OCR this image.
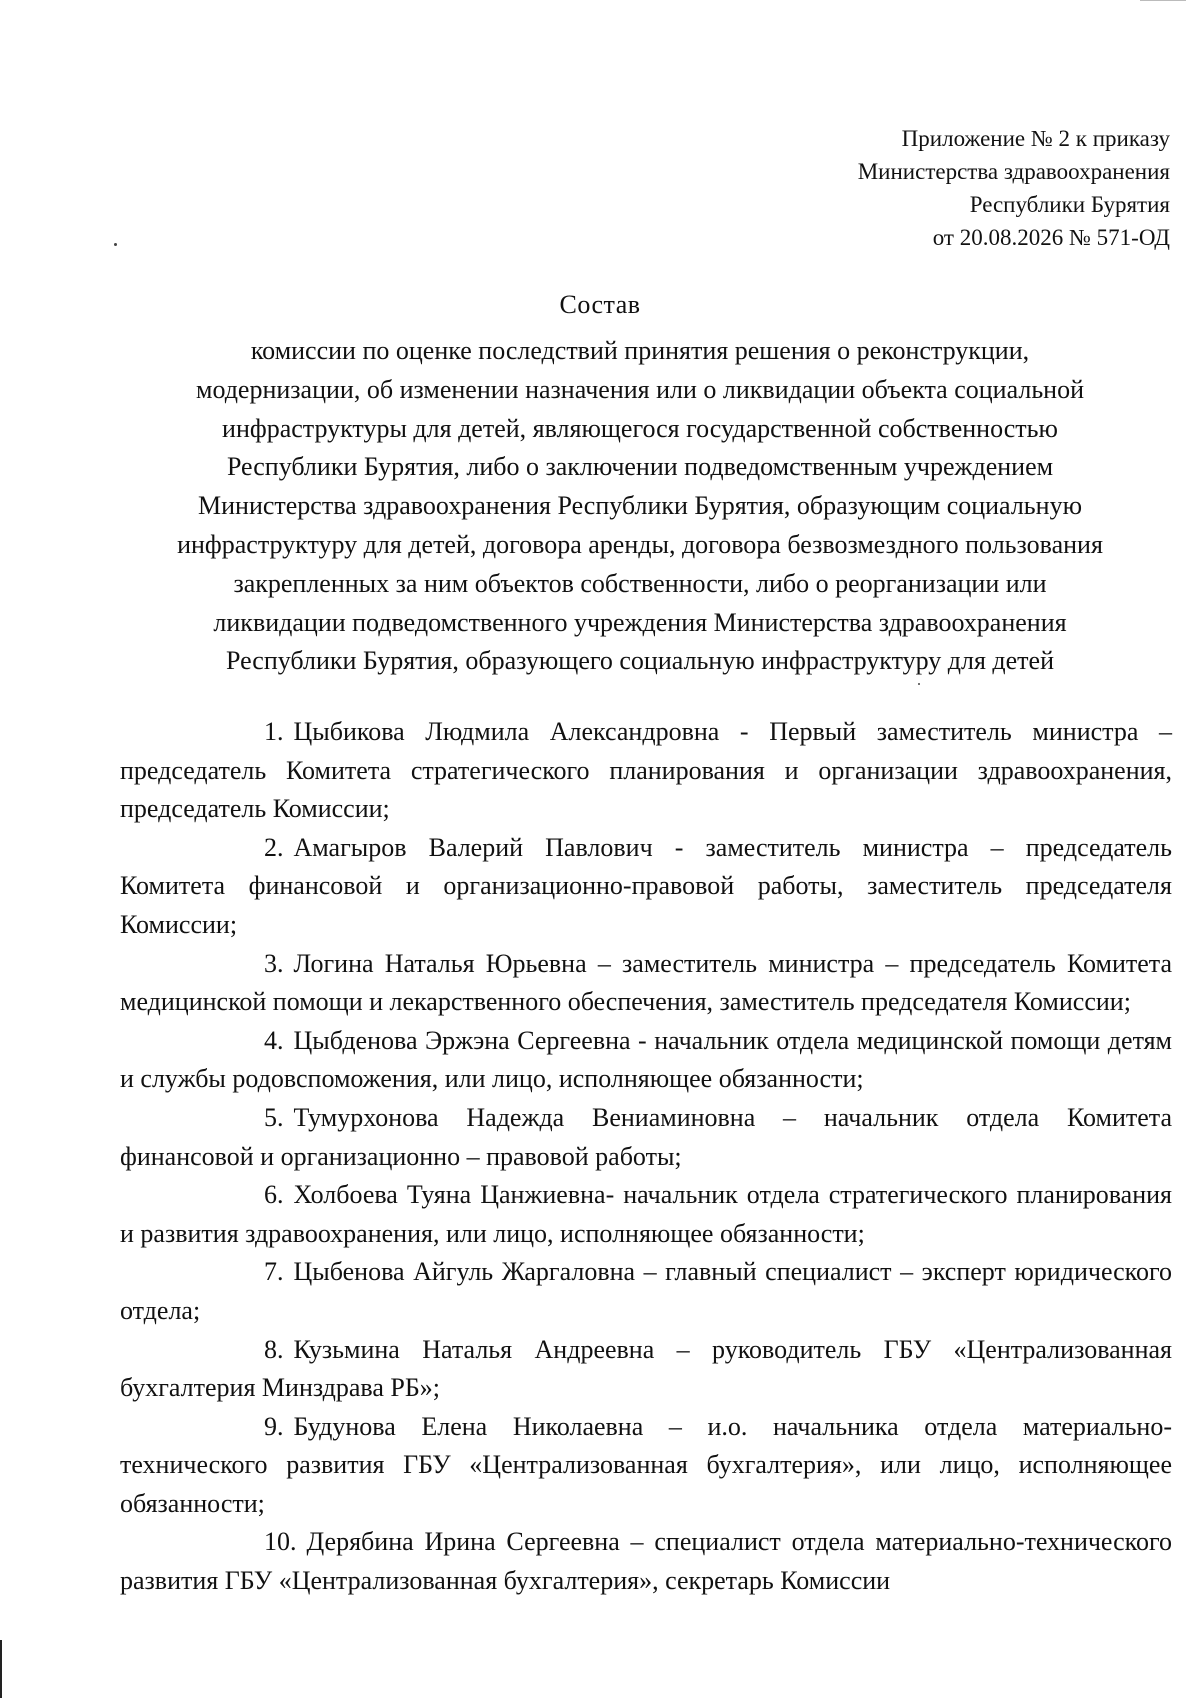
Приложение № 2 к приказу
Министерства здравоохранения
Республики Бурятия
от 20.08.2026 № 571-ОД
Состав
комиссии по оценке последствий принятия решения о реконструкции,
модернизации, об изменении назначения или о ликвидации объекта социальной
инфраструктуры для детей, являющегося государственной собственностью
Республики Бурятия, либо о заключении подведомственным учреждением
Министерства здравоохранения Республики Бурятия, образующим социальную
инфраструктуру для детей, договора аренды, договора безвозмездного пользования
закрепленных за ним объектов собственности, либо о реорганизации или
ликвидации подведомственного учреждения Министерства здравоохранения
Республики Бурятия, образующего социальную инфраструктуру для детей
1. Цыбикова Людмила Александровна - Первый заместитель министра – председатель Комитета стратегического планирования и организации здравоохранения, председатель Комиссии;
2. Амагыров Валерий Павлович - заместитель министра – председатель Комитета финансовой и организационно-правовой работы, заместитель председателя Комиссии;
3. Логина Наталья Юрьевна – заместитель министра – председатель Комитета медицинской помощи и лекарственного обеспечения, заместитель председателя Комиссии;
4. Цыбденова Эржэна Сергеевна - начальник отдела медицинской помощи детям и службы родовспоможения, или лицо, исполняющее обязанности;
5. Тумурхонова Надежда Вениаминовна – начальник отдела Комитета финансовой и организационно – правовой работы;
6. Холбоева Туяна Цанжиевна- начальник отдела стратегического планирования и развития здравоохранения, или лицо, исполняющее обязанности;
7. Цыбенова Айгуль Жаргаловна – главный специалист – эксперт юридического отдела;
8. Кузьмина Наталья Андреевна – руководитель ГБУ «Централизованная бухгалтерия Минздрава РБ»;
9. Будунова Елена Николаевна – и.о. начальника отдела материально-технического развития ГБУ «Централизованная бухгалтерия», или лицо, исполняющее обязанности;
10. Дерябина Ирина Сергеевна – специалист отдела материально-технического развития ГБУ «Централизованная бухгалтерия», секретарь Комиссии
